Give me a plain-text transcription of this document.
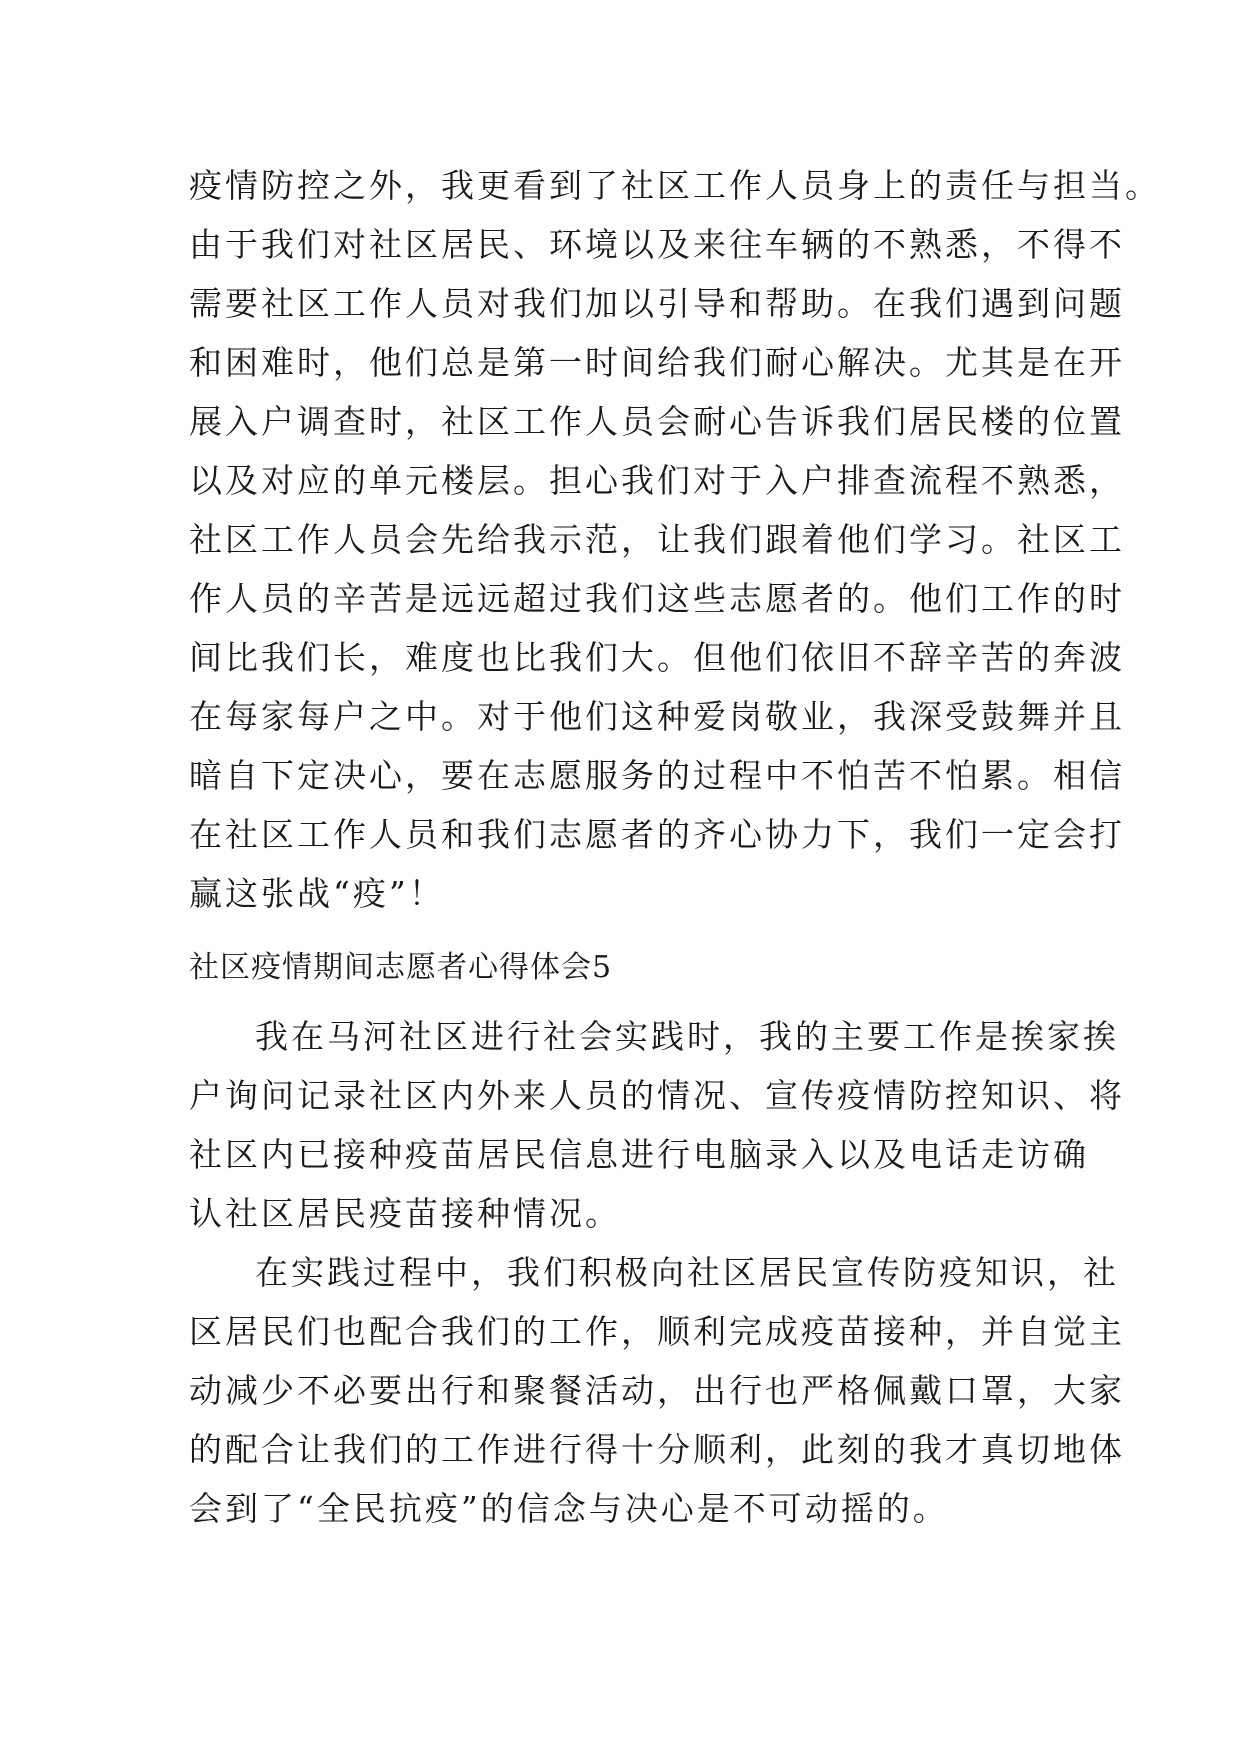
疫情防控之外，我更看到了社区工作人员身上的责任与担当。
由于我们对社区居民、环境以及来往车辆的不熟悉，不得不
需要社区工作人员对我们加以引导和帮助。在我们遇到问题
和困难时，他们总是第一时间给我们耐心解决。尤其是在开
展入户调查时，社区工作人员会耐心告诉我们居民楼的位置
以及对应的单元楼层。担心我们对于入户排查流程不熟悉，
社区工作人员会先给我示范，让我们跟着他们学习。社区工
作人员的辛苦是远远超过我们这些志愿者的。他们工作的时
间比我们长，难度也比我们大。但他们依旧不辞辛苦的奔波
在每家每户之中。对于他们这种爱岗敬业，我深受鼓舞并且
暗自下定决心，要在志愿服务的过程中不怕苦不怕累。相信
在社区工作人员和我们志愿者的齐心协力下，我们一定会打
赢这张战“疫”！
社区疫情期间志愿者心得体会5
我在马河社区进行社会实践时，我的主要工作是挨家挨
户询问记录社区内外来人员的情况、宣传疫情防控知识、将
社区内已接种疫苗居民信息进行电脑录入以及电话走访确
认社区居民疫苗接种情况。
在实践过程中，我们积极向社区居民宣传防疫知识，社
区居民们也配合我们的工作，顺利完成疫苗接种，并自觉主
动减少不必要出行和聚餐活动，出行也严格佩戴口罩，大家
的配合让我们的工作进行得十分顺利，此刻的我才真切地体
会到了“全民抗疫”的信念与决心是不可动摇的。
